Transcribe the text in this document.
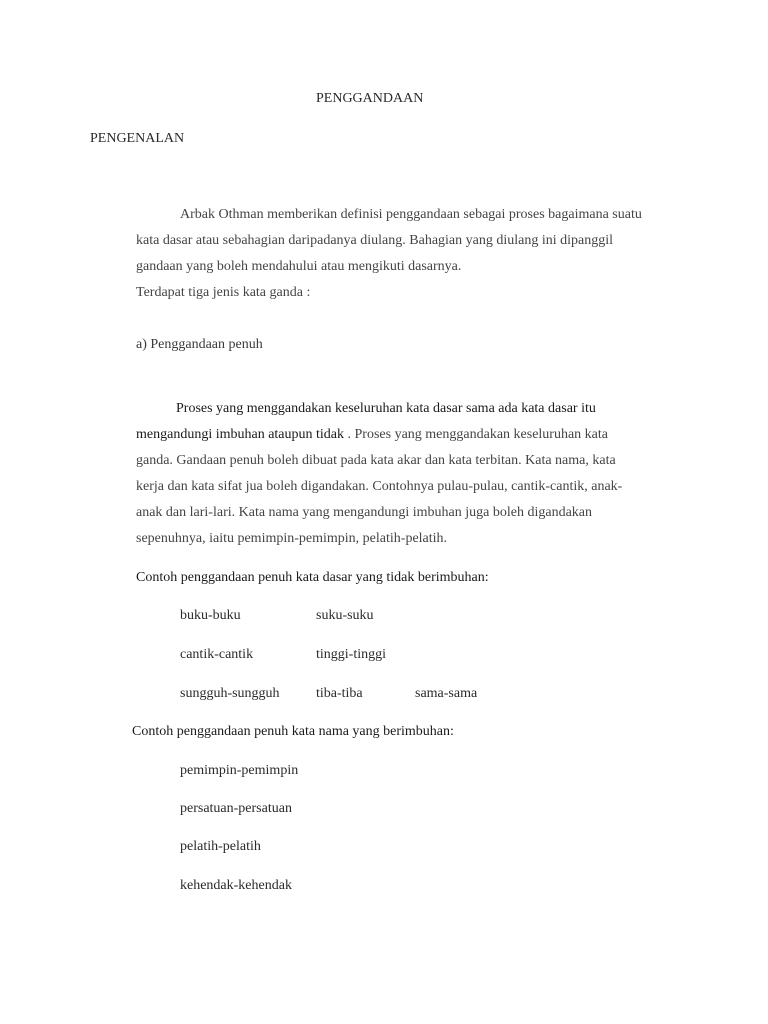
PENGGANDAAN
PENGENALAN
Arbak Othman memberikan definisi penggandaan sebagai proses bagaimana suatu
kata dasar atau sebahagian daripadanya diulang. Bahagian yang diulang ini dipanggil
gandaan yang boleh mendahului atau mengikuti dasarnya.
Terdapat tiga jenis kata ganda :
a) Penggandaan penuh
Proses yang menggandakan keseluruhan kata dasar sama ada kata dasar itu
mengandungi imbuhan ataupun tidak . Proses yang menggandakan keseluruhan kata
ganda. Gandaan penuh boleh dibuat pada kata akar dan kata terbitan. Kata nama, kata
kerja dan kata sifat jua boleh digandakan. Contohnya pulau-pulau, cantik-cantik, anak-
anak dan lari-lari. Kata nama yang mengandungi imbuhan juga boleh digandakan
sepenuhnya, iaitu pemimpin-pemimpin, pelatih-pelatih.
Contoh penggandaan penuh kata dasar yang tidak berimbuhan:
buku-buku	suku-suku
cantik-cantik	tinggi-tinggi
sungguh-sungguh	tiba-tiba	sama-sama
Contoh penggandaan penuh kata nama yang berimbuhan:
pemimpin-pemimpin
persatuan-persatuan
pelatih-pelatih
kehendak-kehendak
